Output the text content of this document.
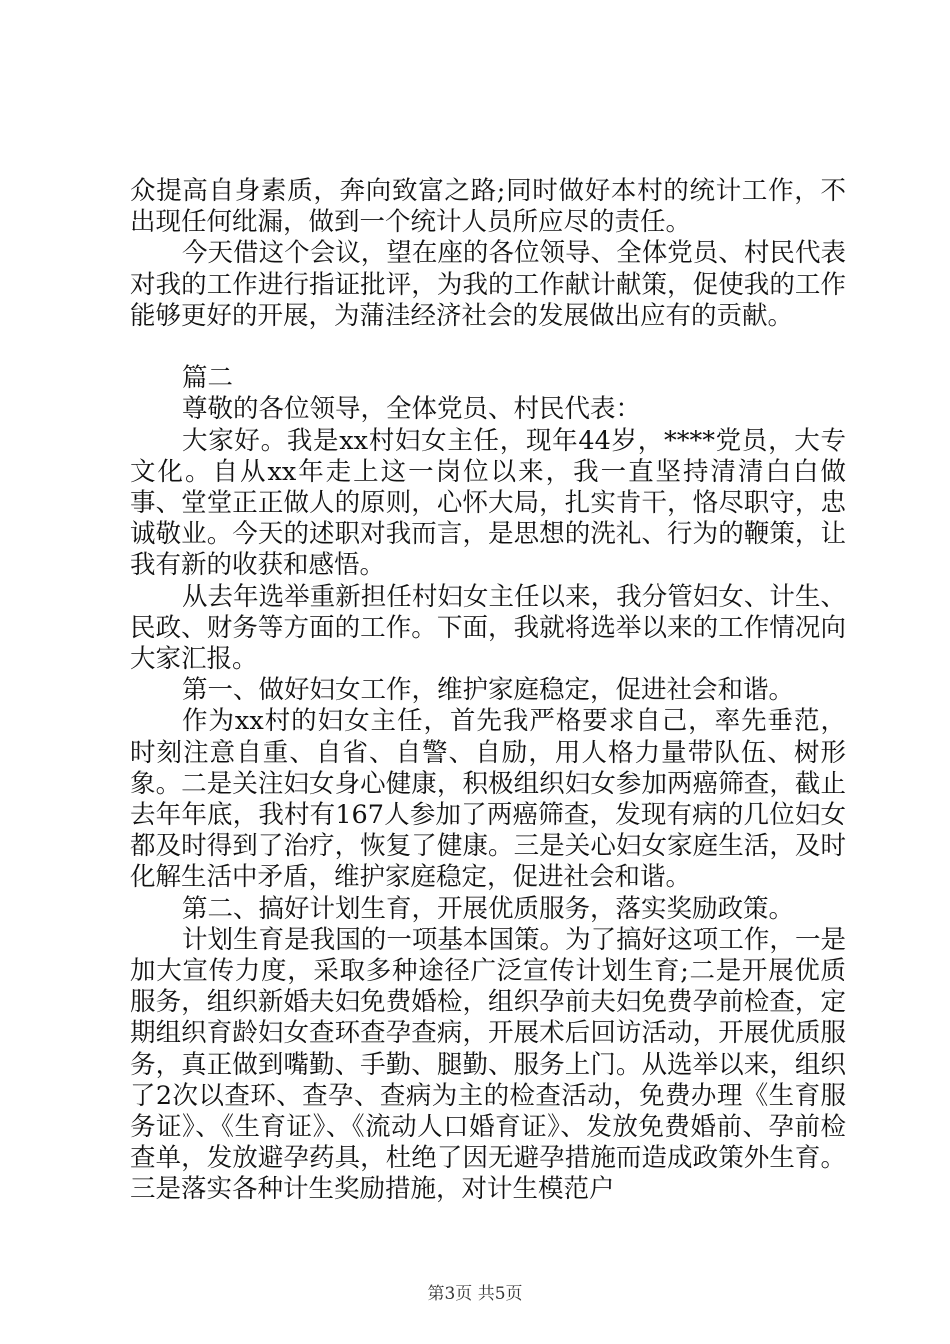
众提高自身素质，奔向致富之路;同时做好本村的统计工作，不出现任何纰漏，做到一个统计人员所应尽的责任。

今天借这个会议，望在座的各位领导、全体党员、村民代表对我的工作进行指证批评，为我的工作献计献策，促使我的工作能够更好的开展，为蒲洼经济社会的发展做出应有的贡献。

篇二

尊敬的各位领导，全体党员、村民代表：

大家好。我是xx村妇女主任，现年44岁，****党员，大专文化。自从xx年走上这一岗位以来，我一直坚持清清白白做事、堂堂正正做人的原则，心怀大局，扎实肯干，恪尽职守，忠诚敬业。今天的述职对我而言，是思想的洗礼、行为的鞭策，让我有新的收获和感悟。

从去年选举重新担任村妇女主任以来，我分管妇女、计生、民政、财务等方面的工作。下面，我就将选举以来的工作情况向大家汇报。

第一、做好妇女工作，维护家庭稳定，促进社会和谐。

作为xx村的妇女主任，首先我严格要求自己，率先垂范，时刻注意自重、自省、自警、自励，用人格力量带队伍、树形象。二是关注妇女身心健康，积极组织妇女参加两癌筛查，截止去年年底，我村有167人参加了两癌筛查，发现有病的几位妇女都及时得到了治疗，恢复了健康。三是关心妇女家庭生活，及时化解生活中矛盾，维护家庭稳定，促进社会和谐。

第二、搞好计划生育，开展优质服务，落实奖励政策。

计划生育是我国的一项基本国策。为了搞好这项工作，一是加大宣传力度，采取多种途径广泛宣传计划生育;二是开展优质服务，组织新婚夫妇免费婚检，组织孕前夫妇免费孕前检查，定期组织育龄妇女查环查孕查病，开展术后回访活动，开展优质服务，真正做到嘴勤、手勤、腿勤、服务上门。从选举以来，组织了2次以查环、查孕、查病为主的检查活动，免费办理《生育服务证》、《生育证》、《流动人口婚育证》、发放免费婚前、孕前检查单，发放避孕药具，杜绝了因无避孕措施而造成政策外生育。三是落实各种计生奖励措施，对计生模范户

第3页 共5页
